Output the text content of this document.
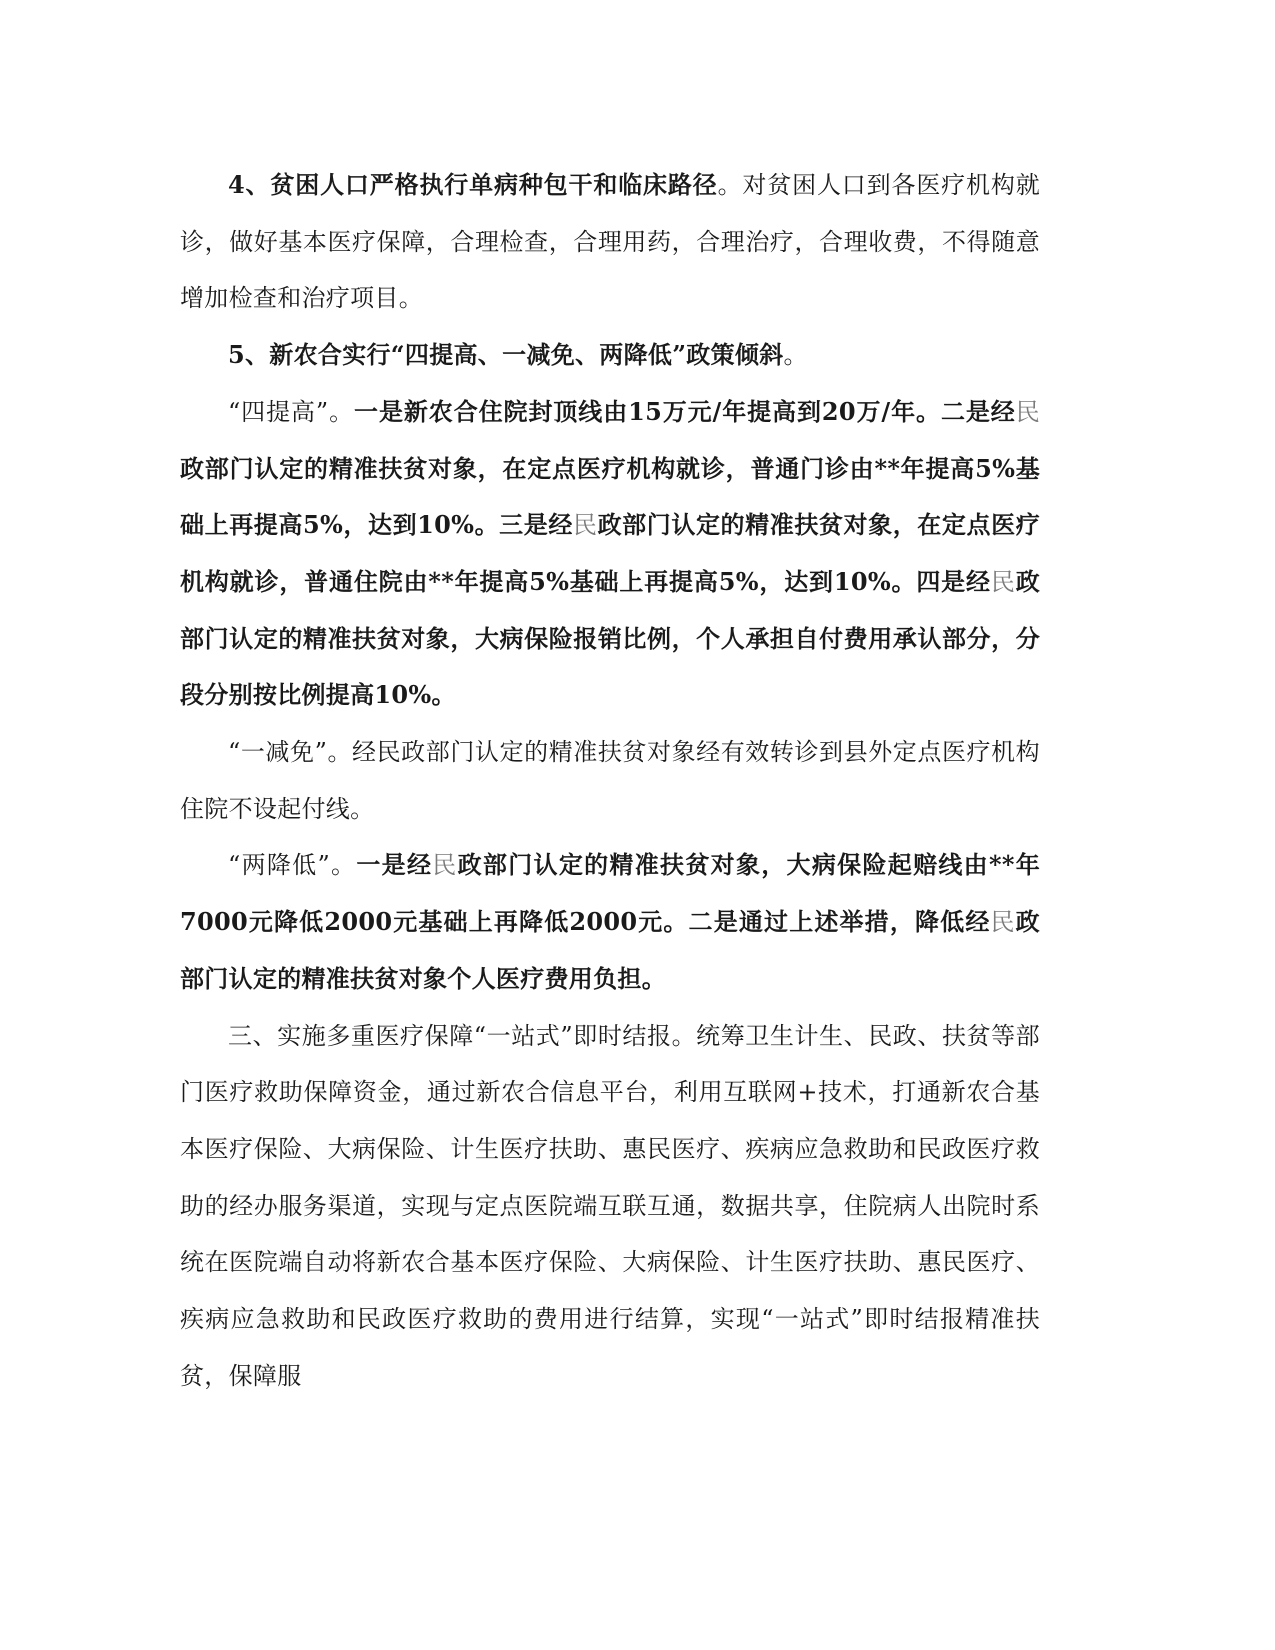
4、贫困人口严格执行单病种包干和临床路径。对贫困人口到各医疗机构就诊，做好基本医疗保障，合理检查，合理用药，合理治疗，合理收费，不得随意增加检查和治疗项目。

5、新农合实行“四提高、一减免、两降低”政策倾斜。

“四提高”。一是新农合住院封顶线由15万元/年提高到20万/年。二是经民政部门认定的精准扶贫对象，在定点医疗机构就诊，普通门诊由**年提高5%基础上再提高5%，达到10%。三是经民政部门认定的精准扶贫对象，在定点医疗机构就诊，普通住院由**年提高5%基础上再提高5%，达到10%。四是经民政部门认定的精准扶贫对象，大病保险报销比例，个人承担自付费用承认部分，分段分别按比例提高10%。

“一减免”。经民政部门认定的精准扶贫对象经有效转诊到县外定点医疗机构住院不设起付线。

“两降低”。一是经民政部门认定的精准扶贫对象，大病保险起赔线由**年7000元降低2000元基础上再降低2000元。二是通过上述举措，降低经民政部门认定的精准扶贫对象个人医疗费用负担。

三、实施多重医疗保障“一站式”即时结报。统筹卫生计生、民政、扶贫等部门医疗救助保障资金，通过新农合信息平台，利用互联网+技术，打通新农合基本医疗保险、大病保险、计生医疗扶助、惠民医疗、疾病应急救助和民政医疗救助的经办服务渠道，实现与定点医院端互联互通，数据共享，住院病人出院时系统在医院端自动将新农合基本医疗保险、大病保险、计生医疗扶助、惠民医疗、疾病应急救助和民政医疗救助的费用进行结算，实现“一站式”即时结报精准扶贫，保障服
